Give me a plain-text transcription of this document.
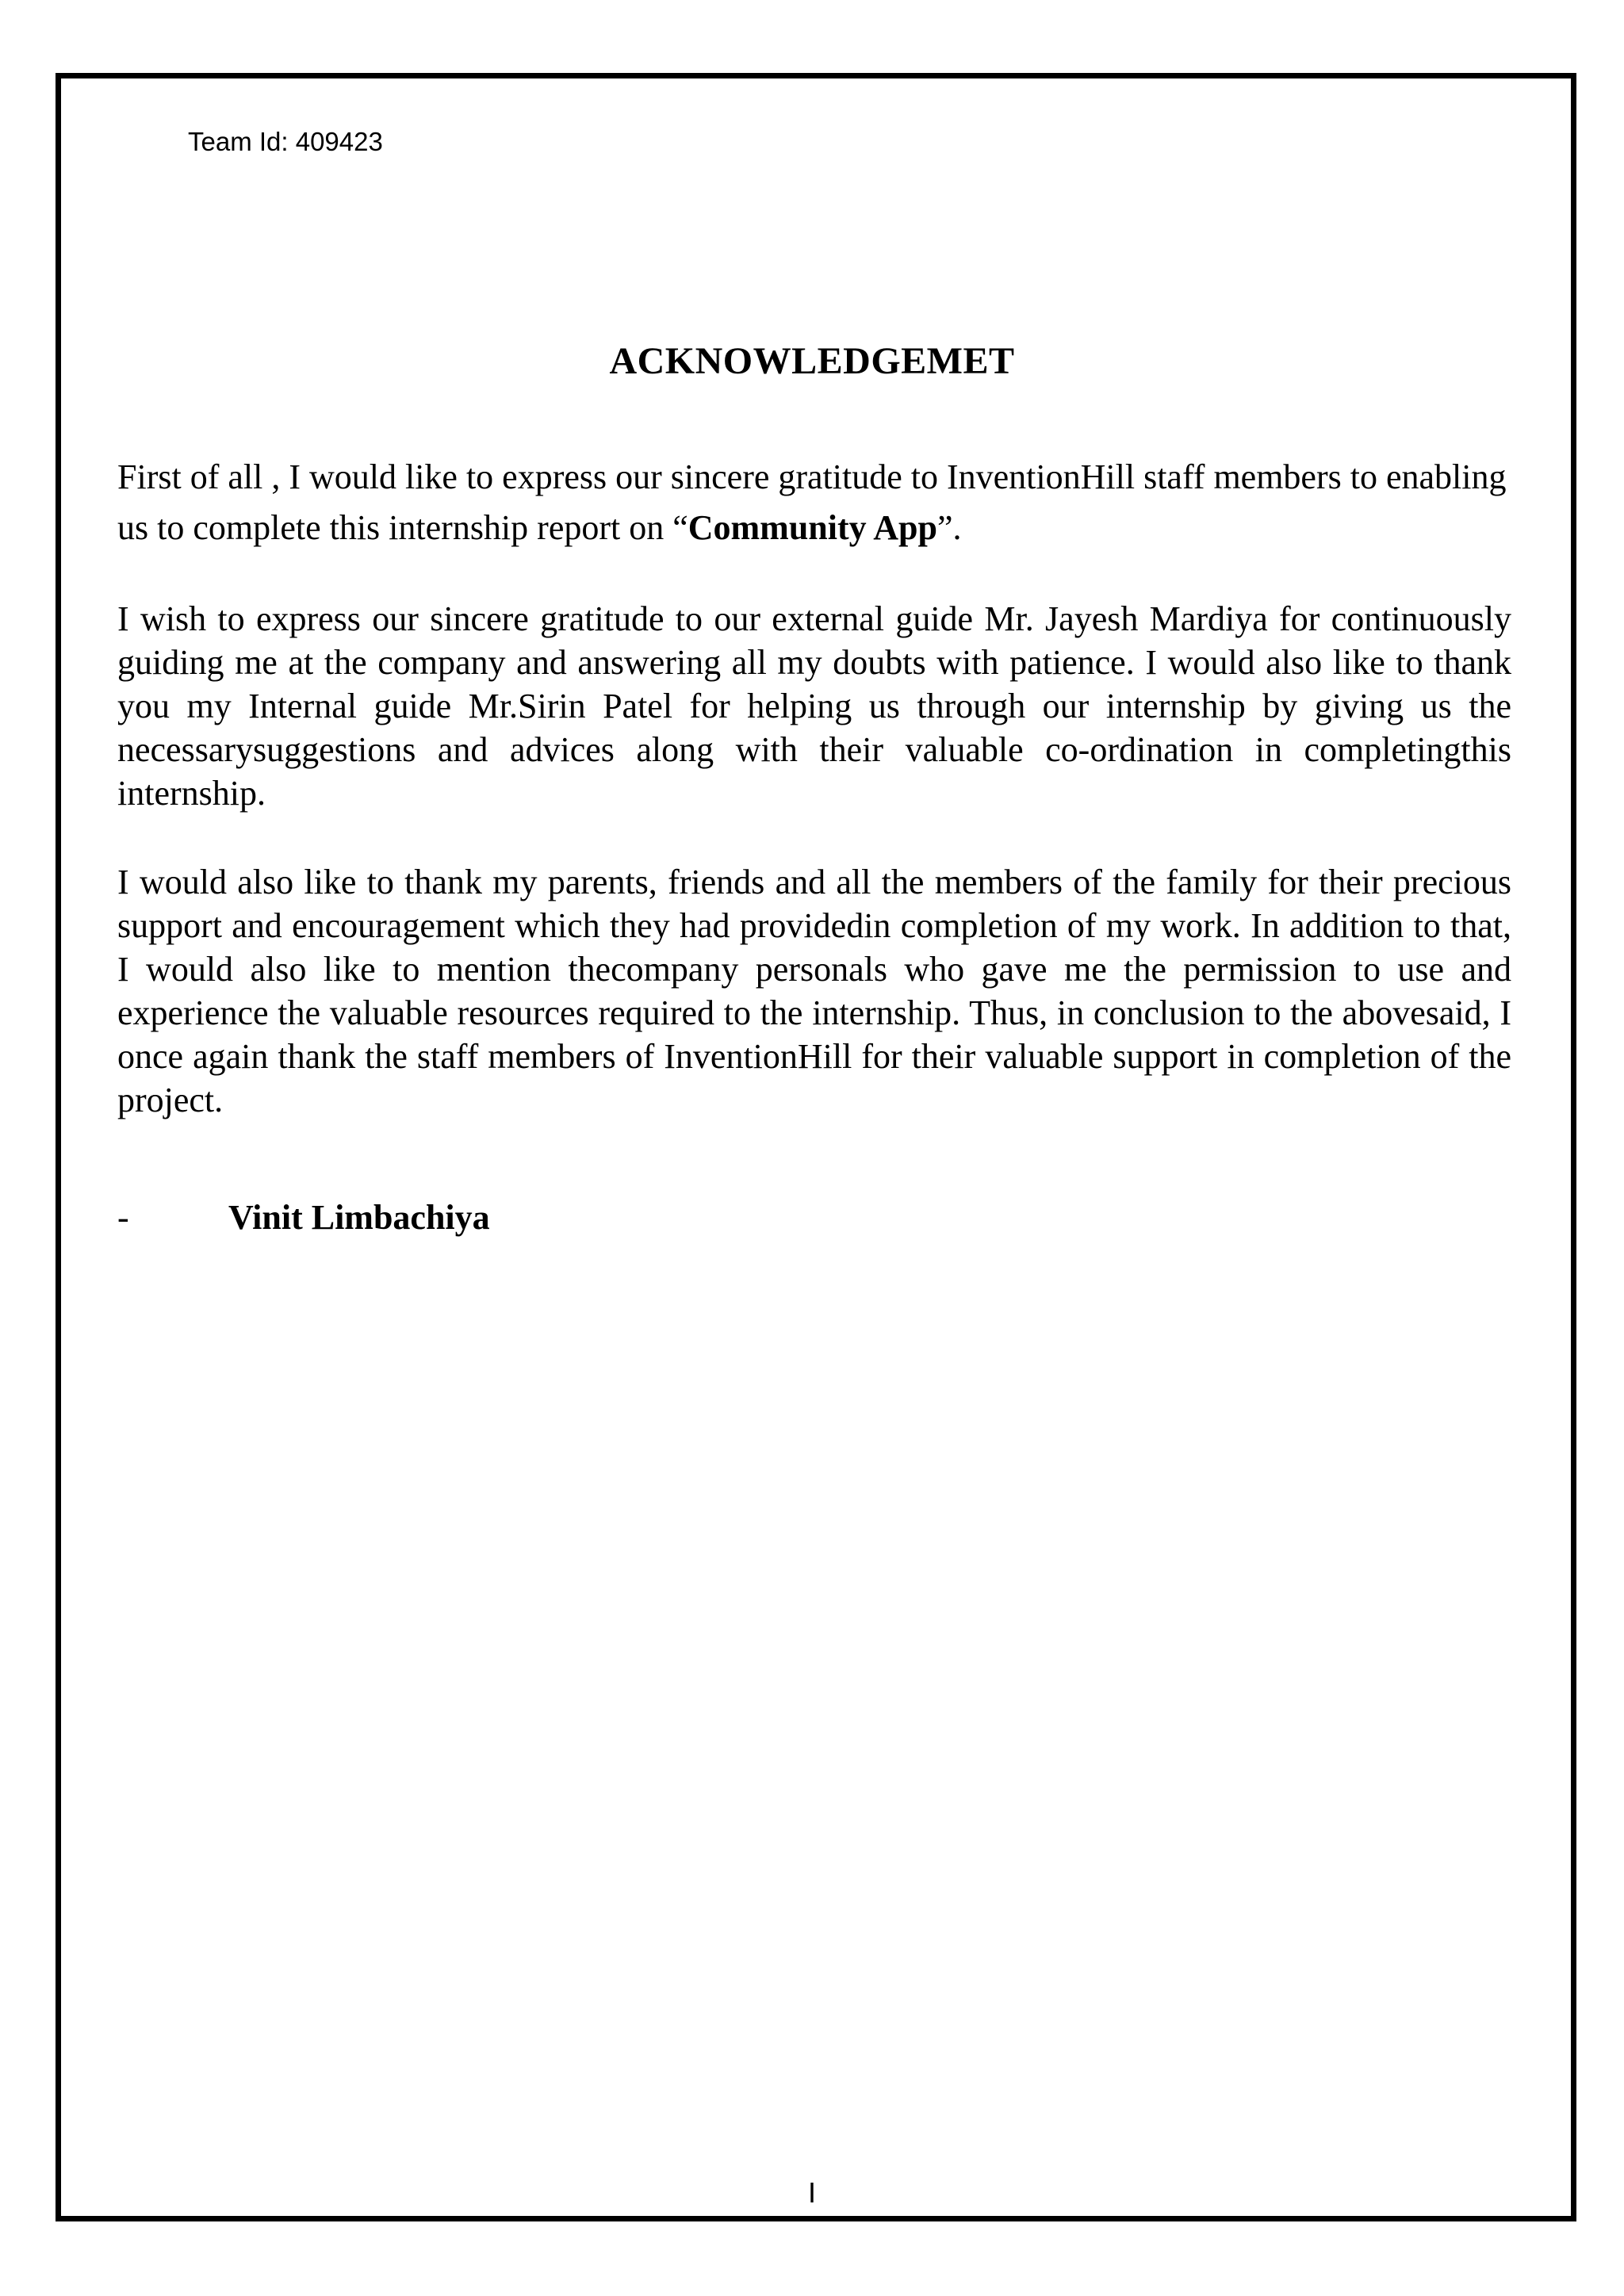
Team Id: 409423
ACKNOWLEDGEMET

First of all , I would like to express our sincere gratitude to InventionHill staff members to enabling us to complete this internship report on “Community App”.

I wish to express our sincere gratitude to our external guide Mr. Jayesh Mardiya for continuously guiding me at the company and answering all my doubts with patience. I would also like to thank you my Internal guide Mr.Sirin Patel for helping us through our internship by giving us the necessarysuggestions and advices along with their valuable co-ordination in completingthis internship.

I would also like to thank my parents, friends and all the members of the family for their precious support and encouragement which they had providedin completion of my work. In addition to that, I would also like to mention thecompany personals who gave me the permission to use and experience the valuable resources required to the internship. Thus, in conclusion to the abovesaid, I once again thank the staff members of InventionHill for their valuable support in completion of the project.

-	Vinit Limbachiya
I
